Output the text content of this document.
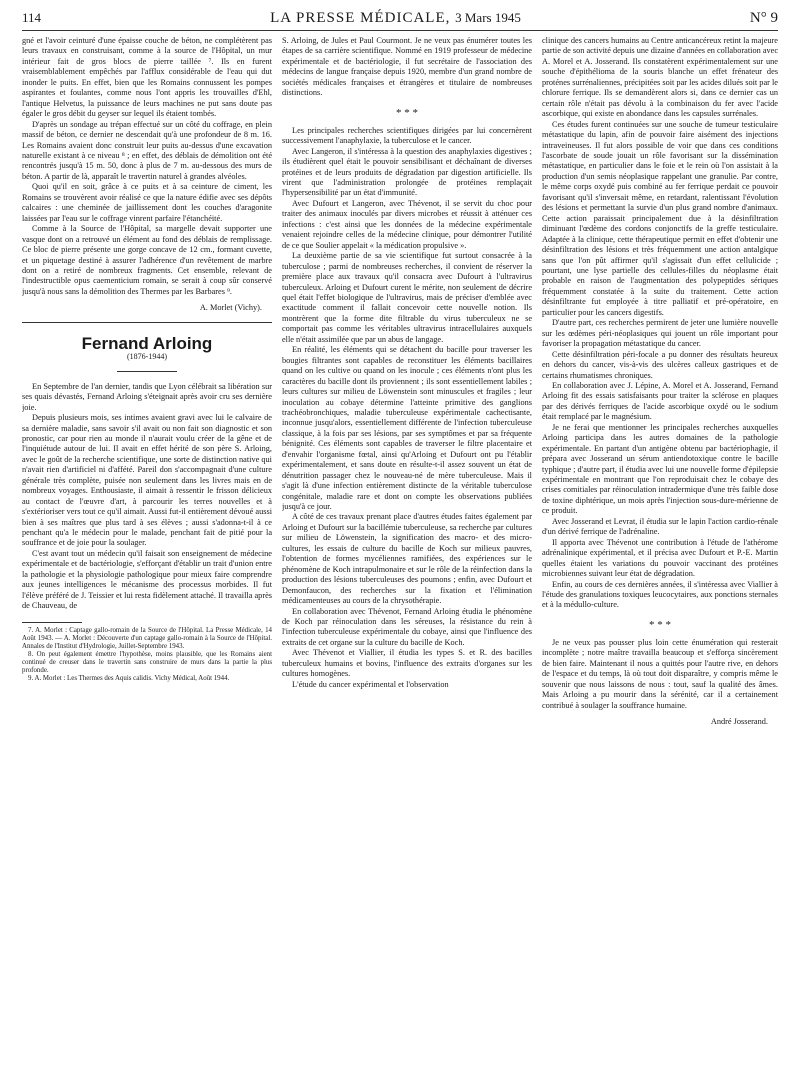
114	LA PRESSE MÉDICALE, 3 Mars 1945	N° 9

gné et l'avoir ceinturé d'une épaisse couche de béton, ne complétèrent pas leurs travaux en construisant, comme à la source de l'Hôpital, un mur intérieur fait de gros blocs de pierre taillée ⁷. Ils en furent vraisemblablement empêchés par l'afflux considérable de l'eau qui dut inonder le puits. En effet, bien que les Romains connussent les pompes aspirantes et foulantes, comme nous l'ont appris les trouvailles d'Ehl, l'antique Helvetus, la puissance de leurs machines ne put sans doute pas égaler le gros débit du geyser sur lequel ils étaient tombés.

D'après un sondage au trépan effectué sur un côté du coffrage, en plein massif de béton, ce dernier ne descendait qu'à une profondeur de 8 m. 16. Les Romains avaient donc construit leur puits au-dessus d'une excavation naturelle existant à ce niveau ⁸ ; en effet, des déblais de démolition ont été rencontrés jusqu'à 15 m. 50, donc à plus de 7 m. au-dessous des murs de béton. A partir de là, apparaît le travertin naturel à grandes alvéoles.

Quoi qu'il en soit, grâce à ce puits et à sa ceinture de ciment, les Romains se trouvèrent avoir réalisé ce que la nature édifie avec ses dépôts calcaires : une cheminée de jaillissement dont les couches d'aragonite laissées par l'eau sur le coffrage vinrent parfaire l'étanchéité.

Comme à la Source de l'Hôpital, sa margelle devait supporter une vasque dont on a retrouvé un élément au fond des déblais de remplissage. Ce bloc de pierre présente une gorge concave de 12 cm., formant cuvette, et un piquetage destiné à assurer l'adhérence d'un revêtement de marbre dont on a retiré de nombreux fragments. Cet ensemble, relevant de l'indestructible opus caementicium romain, se serait à coup sûr conservé jusqu'à nous sans la démolition des Thermes par les Barbares ⁹.

A. Morlet (Vichy).

Fernand Arloing
(1876-1944)

En Septembre de l'an dernier, tandis que Lyon célébrait sa libération sur ses quais dévastés, Fernand Arloing s'éteignait après avoir cru ses dernière joie.

Depuis plusieurs mois, ses intimes avaient gravi avec lui le calvaire de sa dernière maladie, sans savoir s'il avait ou non fait son diagnostic et son pronostic, car pour rien au monde il n'aurait voulu créer de la gêne et de l'inquiétude autour de lui. Il avait en effet hérité de son père S. Arloing, avec le goût de la recherche scientifique, une sorte de distinction native qui n'avait rien d'artificiel ni d'affété. Pareil don s'accompagnait d'une culture générale très complète, puisée non seulement dans les livres mais en de nombreux voyages. Enthousiaste, il aimait à ressentir le frisson délicieux au contact de l'œuvre d'art, à parcourir les terres nouvelles et à s'extérioriser vers tout ce qu'il aimait. Aussi fut-il entièrement dévoué aussi bien à ses maîtres que plus tard à ses élèves ; aussi s'adonna-t-il à ce penchant qu'a le médecin pour le malade, penchant fait de pitié pour la souffrance et de joie pour la soulager.

C'est avant tout un médecin qu'il faisait son enseignement de médecine expérimentale et de bactériologie, s'efforçant d'établir un trait d'union entre la pathologie et la physiologie pathologique pour mieux faire comprendre aux jeunes intelligences le mécanisme des processus morbides. Il fut l'élève préféré de J. Teissier et lui resta fidèlement attaché. Il travailla après de Chauveau, de

7. A. Morlet : Captage gallo-romain de la Source de l'Hôpital. La Presse Médicale, 14 Août 1943. — A. Morlet : Découverte d'un captage gallo-romain à la Source de l'Hôpital. Annales de l'Institut d'Hydrologie, Juillet-Septembre 1943.

8. On peut également émettre l'hypothèse, moins plausible, que les Romains aient continué de creuser dans le travertin sans construire de murs dans la partie la plus profonde.

9. A. Morlet : Les Thermes des Aquis calidis. Vichy Médical, Août 1944.

S. Arloing, de Jules et Paul Courmont. Je ne veux pas énumérer toutes les étapes de sa carrière scientifique. Nommé en 1919 professeur de médecine expérimentale et de bactériologie, il fut secrétaire de l'association des médecins de langue française depuis 1920, membre d'un grand nombre de sociétés médicales françaises et étrangères et titulaire de nombreuses distinctions.

* * *

Les principales recherches scientifiques dirigées par lui concernèrent successivement l'anaphylaxie, la tuberculose et le cancer.

Avec Langeron, il s'intéressa à la question des anaphylaxies digestives ; ils étudièrent quel était le pouvoir sensibilisant et déchaînant de diverses protéines et de leurs produits de dégradation par digestion artificielle. Ils virent que l'administration prolongée de protéines remplaçait l'hypersensibilité par un état d'immunité.

Avec Dufourt et Langeron, avec Thévenot, il se servit du choc pour traiter des animaux inoculés par divers microbes et réussit à atténuer ces infections : c'est ainsi que les données de la médecine expérimentale venaient rejoindre celles de la médecine clinique, pour démontrer l'utilité de ce que Soulier appelait « la médication propulsive ».

La deuxième partie de sa vie scientifique fut surtout consacrée à la tuberculose ; parmi de nombreuses recherches, il convient de réserver la première place aux travaux qu'il consacra avec Dufourt à l'ultravirus tuberculeux. Arloing et Dufourt curent le mérite, non seulement de décrire quel était l'effet biologique de l'ultravirus, mais de préciser d'emblée avec exactitude comment il fallait concevoir cette nouvelle notion. Ils montrèrent que la forme dite filtrable du virus tuberculeux ne se comportait pas comme les véritables ultravirus intracellulaires auxquels elle n'était assimilée que par un abus de langage.

En réalité, les éléments qui se détachent du bacille pour traverser les bougies filtrantes sont capables de reconstituer les éléments bacillaires quand on les cultive ou quand on les inocule ; ces éléments n'ont plus les caractères du bacille dont ils proviennent ; ils sont essentiellement labiles ; leurs cultures sur milieu de Löwenstein sont minuscules et fragiles ; leur inoculation au cobaye détermine l'atteinte primitive des ganglions trachéobronchiques, maladie tuberculeuse expérimentale cachectisante, inconnue jusqu'alors, essentiellement différente de l'infection tuberculeuse classique, à la fois par ses lésions, par ses symptômes et par sa fréquente bénignité. Ces éléments sont capables de traverser le filtre placentaire et d'envahir l'organisme fœtal, ainsi qu'Arloing et Dufourt ont pu l'établir expérimentalement, et sans doute en résulte-t-il assez souvent un état de dénutrition passager chez le nouveau-né de mère tuberculeuse. Mais il s'agit là d'une infection entièrement distincte de la véritable tuberculose congénitale, maladie rare et dont on compte les observations publiées jusqu'à ce jour.

A côté de ces travaux prenant place d'autres études faites également par Arloing et Dufourt sur la bacillémie tuberculeuse, sa recherche par cultures sur milieu de Löwenstein, la signification des macro- et des micro-cultures, les essais de culture du bacille de Koch sur milieux pauvres, l'obtention de formes mycéliennes ramifiées, des expériences sur le phénomène de Koch intrapulmonaire et sur le rôle de la réinfection dans la production des lésions tuberculeuses des poumons ; enfin, avec Dufourt et Demonfaucon, des recherches sur la fixation et l'élimination médicamenteuses au cours de la chrysothérapie.

En collaboration avec Thévenot, Fernand Arloing étudia le phénomène de Koch par réinoculation dans les séreuses, la résistance du rein à l'infection tuberculeuse expérimentale du cobaye, ainsi que l'influence des extraits de cet organe sur la culture du bacille de Koch.

Avec Thévenot et Viallier, il étudia les types S. et R. des bacilles tuberculeux humains et bovins, l'influence des extraits d'organes sur les cultures homogènes.

L'étude du cancer expérimental et l'observation

clinique des cancers humains au Centre anticancéreux retint la majeure partie de son activité depuis une dizaine d'années en collaboration avec A. Morel et A. Josserand. Ils constatèrent expérimentalement sur une souche d'épithélioma de la souris blanche un effet frénateur des proténes surrénaliennes, précipitées soit par les acides dilués soit par le chlorure ferrique. Ils se demandèrent alors si, dans ce dernier cas un certain rôle n'était pas dévolu à la combinaison du fer avec l'acide ascorbique, qui existe en abondance dans les capsules surrénales.

Ces études furent continuées sur une souche de tumeur testiculaire métastatique du lapin, afin de pouvoir faire aisément des injections intraveineuses. Il fut alors possible de voir que dans ces conditions l'ascorbate de soude jouait un rôle favorisant sur la dissémination métastatique, en particulier dans le foie et le rein où l'on assistait à la production d'un semis néoplasique rappelant une granulie. Par contre, le même corps oxydé puis combiné au fer ferrique perdait ce pouvoir favorisant qu'il s'inversait même, en retardant, ralentissant l'évolution des lésions et permettant la survie d'un plus grand nombre d'animaux. Cette action paraissait principalement due à la désinfiltration diminuant l'œdème des cordons conjonctifs de la greffe testiculaire. Adaptée à la clinique, cette thérapeutique permit en effet d'obtenir une désinfiltration des lésions et très fréquemment une action antalgique sans que l'on pût affirmer qu'il s'agissait d'un effet cellulicide ; pourtant, une lyse partielle des cellules-filles du néoplasme était probable en raison de l'augmentation des polypeptides sériques fréquemment constatée à la suite du traitement. Cette action désinfiltrante fut employée à titre palliatif et pré-opératoire, en particulier pour les cancers digestifs.

D'autre part, ces recherches permirent de jeter une lumière nouvelle sur les œdèmes péri-néoplasiques qui jouent un rôle important pour favoriser la propagation métastatique du cancer.

Cette désinfiltration péri-focale a pu donner des résultats heureux en dehors du cancer, vis-à-vis des ulcères calleux gastriques et de certains rhumatismes chroniques.

En collaboration avec J. Lépine, A. Morel et A. Josserand, Fernand Arloing fit des essais satisfaisants pour traiter la sclérose en plaques par des dérivés ferriques de l'acide ascorbique oxydé ou le sodium était remplacé par le magnésium.

Je ne ferai que mentionner les principales recherches auxquelles Arloing participa dans les autres domaines de la pathologie expérimentale. En partant d'un antigène obtenu par bactériophagie, il prépara avec Josserand un sérum antiendotoxique contre le bacille typhique ; d'autre part, il étudia avec lui une nouvelle forme d'épilepsie expérimentale en montrant que l'on reproduisait chez le cobaye des crises comitiales par réinoculation intradermique d'une très faible dose de toxine diphtérique, un mois après l'injection sous-dure-mérienne de ce produit.

Avec Josserand et Levrat, il étudia sur le lapin l'action cardio-rénale d'un dérivé ferrique de l'adrénaline.

Il apporta avec Thévenot une contribution à l'étude de l'athérome adrénalinique expérimental, et il précisa avec Dufourt et P.-E. Martin quelles étaient les variations du pouvoir vaccinant des protéines microbiennes suivant leur état de dégradation.

Enfin, au cours de ces dernières années, il s'intéressa avec Viallier à l'étude des granulations toxiques leucocytaires, aux ponctions sternales et à la médullo-culture.

* * *

Je ne veux pas pousser plus loin cette énumération qui resterait incomplète ; notre maître travailla beaucoup et s'efforça sincèrement de bien faire. Maintenant il nous a quittés pour l'autre rive, en dehors de l'espace et du temps, là où tout doit disparaître, y compris même le souvenir que nous laissons de nous : tout, sauf la qualité des âmes. Mais Arloing a pu mourir dans la sérénité, car il a certainement contribué à soulager la souffrance humaine.

André Josserand.
